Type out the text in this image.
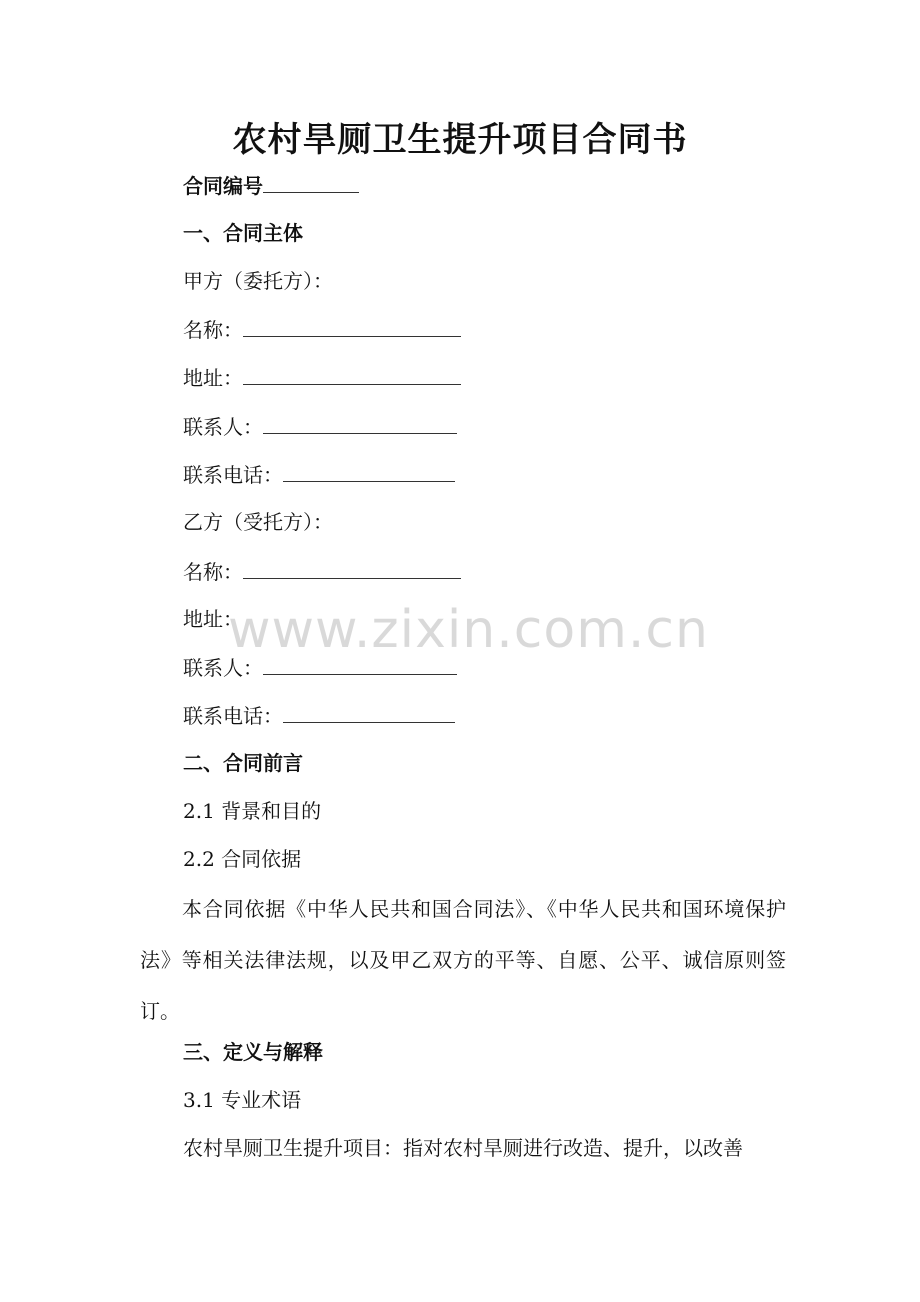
农村旱厕卫生提升项目合同书
合同编号
一、合同主体
甲方（委托方）：
名称：
地址：
联系人：
联系电话：
乙方（受托方）：
名称：
地址：
联系人：
联系电话：
二、合同前言
2.1 背景和目的
2.2 合同依据
本合同依据《中华人民共和国合同法》、《中华人民共和国环境保护法》等相关法律法规，以及甲乙双方的平等、自愿、公平、诚信原则签订。
三、定义与解释
3.1 专业术语
农村旱厕卫生提升项目：指对农村旱厕进行改造、提升，以改善
www.zixin.com.cn
